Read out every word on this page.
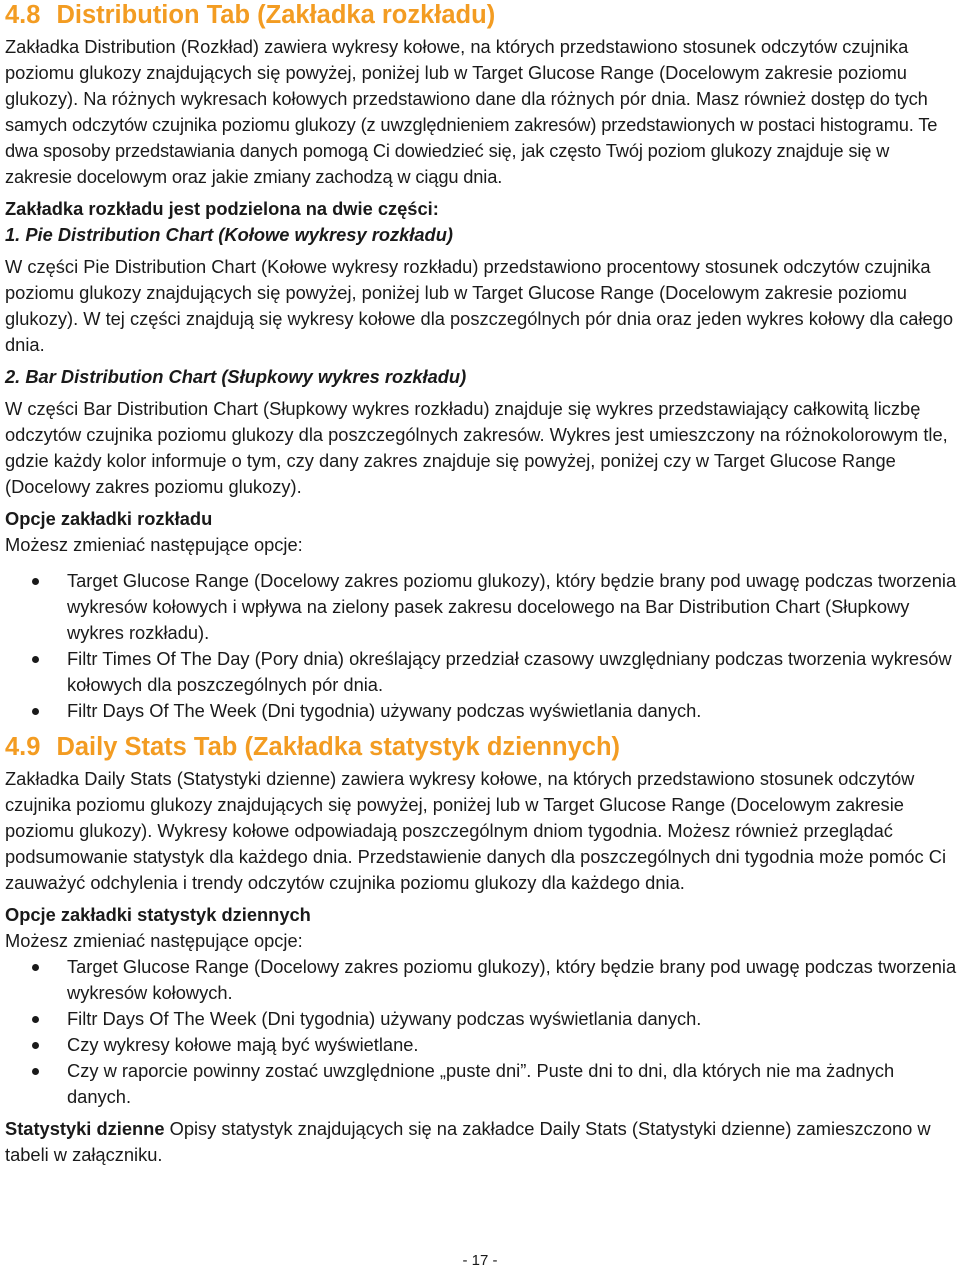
4.8 Distribution Tab (Zakładka rozkładu)

Zakładka Distribution (Rozkład) zawiera wykresy kołowe, na których przedstawiono stosunek odczytów czujnika poziomu glukozy znajdujących się powyżej, poniżej lub w Target Glucose Range (Docelowym zakresie poziomu glukozy). Na różnych wykresach kołowych przedstawiono dane dla różnych pór dnia. Masz również dostęp do tych samych odczytów czujnika poziomu glukozy (z uwzględnieniem zakresów) przedstawionych w postaci histogramu. Te dwa sposoby przedstawiania danych pomogą Ci dowiedzieć się, jak często Twój poziom glukozy znajduje się w zakresie docelowym oraz jakie zmiany zachodzą w ciągu dnia.

Zakładka rozkładu jest podzielona na dwie części:

1. Pie Distribution Chart (Kołowe wykresy rozkładu)

W części Pie Distribution Chart (Kołowe wykresy rozkładu) przedstawiono procentowy stosunek odczytów czujnika poziomu glukozy znajdujących się powyżej, poniżej lub w Target Glucose Range (Docelowym zakresie poziomu glukozy). W tej części znajdują się wykresy kołowe dla poszczególnych pór dnia oraz jeden wykres kołowy dla całego dnia.

2. Bar Distribution Chart (Słupkowy wykres rozkładu)

W części Bar Distribution Chart (Słupkowy wykres rozkładu) znajduje się wykres przedstawiający całkowitą liczbę odczytów czujnika poziomu glukozy dla poszczególnych zakresów. Wykres jest umieszczony na różnokolorowym tle, gdzie każdy kolor informuje o tym, czy dany zakres znajduje się powyżej, poniżej czy w Target Glucose Range (Docelowy zakres poziomu glukozy).

Opcje zakładki rozkładu

Możesz zmieniać następujące opcje:

Target Glucose Range (Docelowy zakres poziomu glukozy), który będzie brany pod uwagę podczas tworzenia wykresów kołowych i wpływa na zielony pasek zakresu docelowego na Bar Distribution Chart (Słupkowy wykres rozkładu).
Filtr Times Of The Day (Pory dnia) określający przedział czasowy uwzględniany podczas tworzenia wykresów kołowych dla poszczególnych pór dnia.
Filtr Days Of The Week (Dni tygodnia) używany podczas wyświetlania danych.
4.9 Daily Stats Tab (Zakładka statystyk dziennych)

Zakładka Daily Stats (Statystyki dzienne) zawiera wykresy kołowe, na których przedstawiono stosunek odczytów czujnika poziomu glukozy znajdujących się powyżej, poniżej lub w Target Glucose Range (Docelowym zakresie poziomu glukozy). Wykresy kołowe odpowiadają poszczególnym dniom tygodnia. Możesz również przeglądać podsumowanie statystyk dla każdego dnia. Przedstawienie danych dla poszczególnych dni tygodnia może pomóc Ci zauważyć odchylenia i trendy odczytów czujnika poziomu glukozy dla każdego dnia.

Opcje zakładki statystyk dziennych

Możesz zmieniać następujące opcje:

Target Glucose Range (Docelowy zakres poziomu glukozy), który będzie brany pod uwagę podczas tworzenia wykresów kołowych.
Filtr Days Of The Week (Dni tygodnia) używany podczas wyświetlania danych.
Czy wykresy kołowe mają być wyświetlane.
Czy w raporcie powinny zostać uwzględnione „puste dni”. Puste dni to dni, dla których nie ma żadnych danych.

Statystyki dzienne Opisy statystyk znajdujących się na zakładce Daily Stats (Statystyki dzienne) zamieszczono w tabeli w załączniku.

- 17 -
